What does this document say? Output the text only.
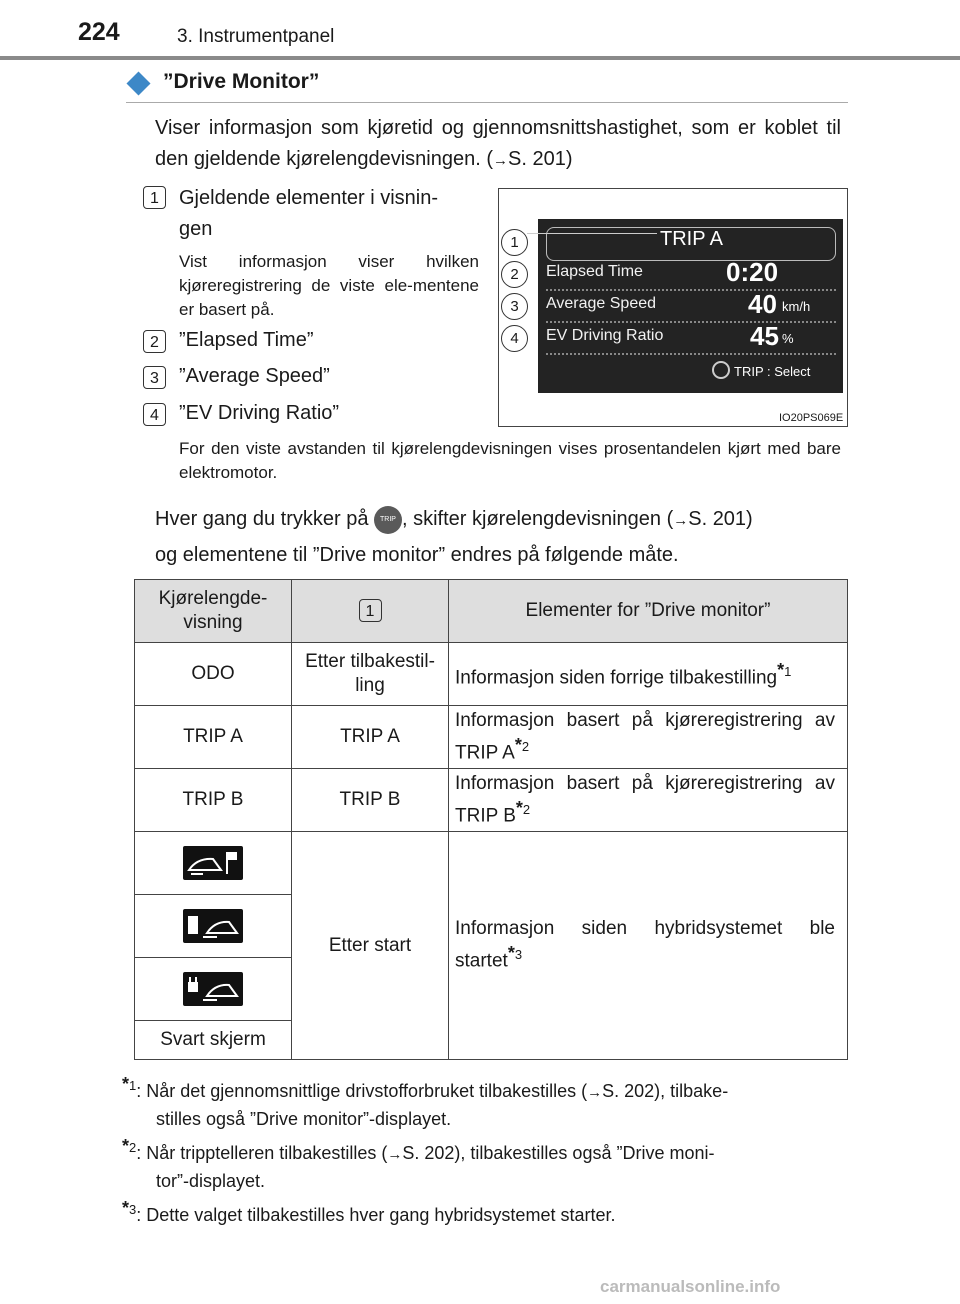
224	3. Instrumentpanel
”Drive Monitor”
Viser informasjon som kjøretid og gjennomsnittshastighet, som er koblet til den gjeldende kjørelengdevisningen. (→S. 201)
1	Gjeldende elementer i visnin-
gen
Vist informasjon viser hvilken kjøreregistrering de viste ele-mentene er basert på.
2	”Elapsed Time”
3	”Average Speed”
4	”EV Driving Ratio”
For den viste avstanden til kjørelengdevisningen vises prosentandelen kjørt med bare elektromotor.
TRIP A
Elapsed Time	0:20
Average Speed	40 km/h
EV Driving Ratio	45 %
TRIP : Select
1
2
3
4
IO20PS069E
Hver gang du trykker på TRIP , skifter kjørelengdevisningen (→S. 201)
og elementene til ”Drive monitor” endres på følgende måte.
Kjørelengde-visning	1	Elementer for ”Drive monitor”
ODO	Etter tilbakestil-ling	Informasjon siden forrige tilbakestilling$^{*1}$
TRIP A	TRIP A	Informasjon basert på kjøreregistrering av TRIP $A^{*2}$
TRIP B	TRIP B	Informasjon basert på kjøreregistrering av TRIP $B^{*2}$
	Etter start	Informasjon siden hybridsystemet ble startet$^{*3}$

Svart skjerm		
$^{*1}$: Når det gjennomsnittlige drivstofforbruket tilbakestilles (→S. 202), tilbake-
stilles også ”Drive monitor”-displayet.
$^{*2}$: Når tripptelleren tilbakestilles (→S. 202), tilbakestilles også ”Drive moni-
tor”-displayet.
$^{*3}$: Dette valget tilbakestilles hver gang hybridsystemet starter.
carmanualsonline.info
